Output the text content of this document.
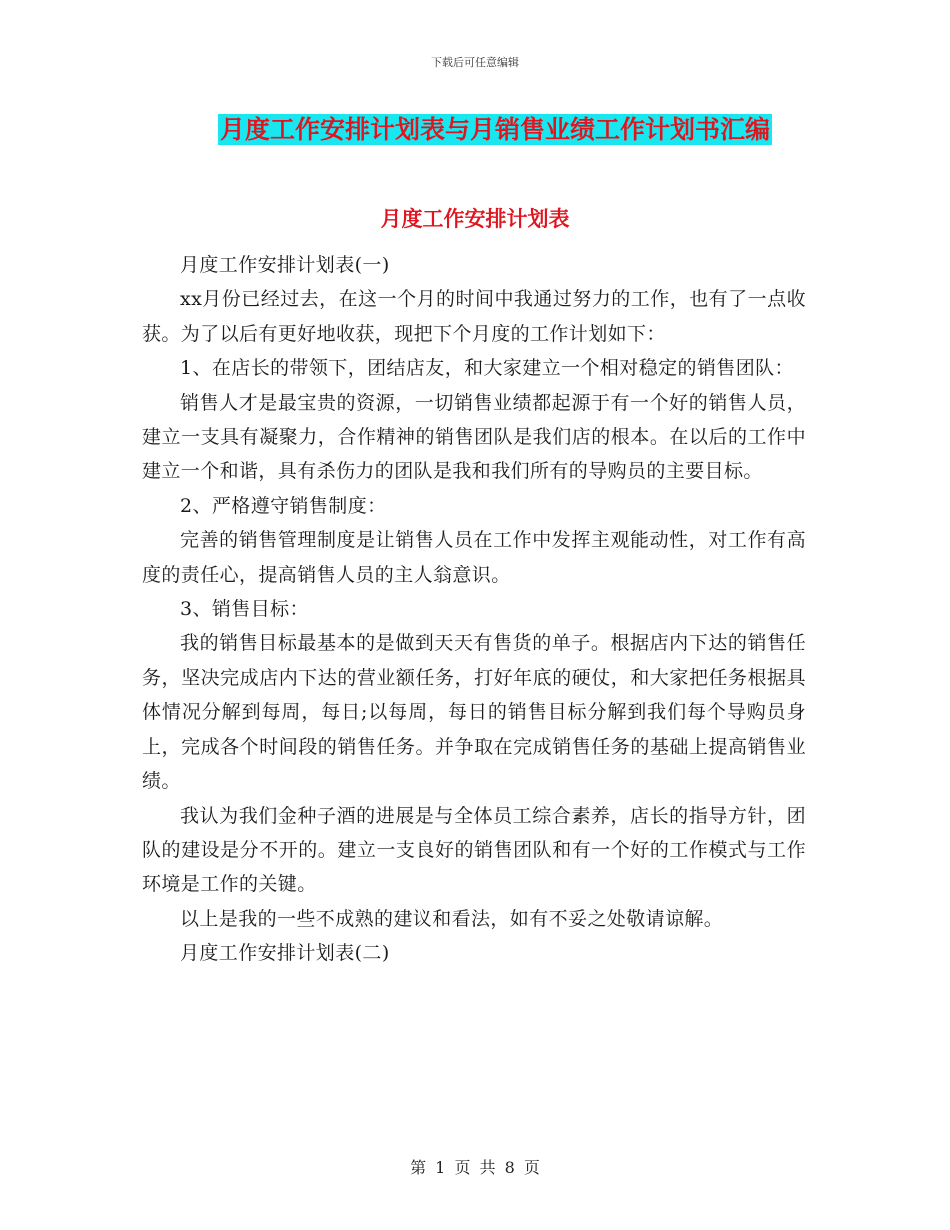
下载后可任意编辑
月度工作安排计划表与月销售业绩工作计划书汇编
月度工作安排计划表

月度工作安排计划表(一)

xx月份已经过去，在这一个月的时间中我通过努力的工作，也有了一点收获。为了以后有更好地收获，现把下个月度的工作计划如下：

1、在店长的带领下，团结店友，和大家建立一个相对稳定的销售团队：

销售人才是最宝贵的资源，一切销售业绩都起源于有一个好的销售人员，建立一支具有凝聚力，合作精神的销售团队是我们店的根本。在以后的工作中建立一个和谐，具有杀伤力的团队是我和我们所有的导购员的主要目标。

2、严格遵守销售制度：

完善的销售管理制度是让销售人员在工作中发挥主观能动性，对工作有高度的责任心，提高销售人员的主人翁意识。

3、销售目标：

我的销售目标最基本的是做到天天有售货的单子。根据店内下达的销售任务，坚决完成店内下达的营业额任务，打好年底的硬仗，和大家把任务根据具体情况分解到每周，每日;以每周，每日的销售目标分解到我们每个导购员身上，完成各个时间段的销售任务。并争取在完成销售任务的基础上提高销售业绩。

我认为我们金种子酒的进展是与全体员工综合素养，店长的指导方针，团队的建设是分不开的。建立一支良好的销售团队和有一个好的工作模式与工作环境是工作的关键。

以上是我的一些不成熟的建议和看法，如有不妥之处敬请谅解。

月度工作安排计划表(二)

第 1 页 共 8 页
